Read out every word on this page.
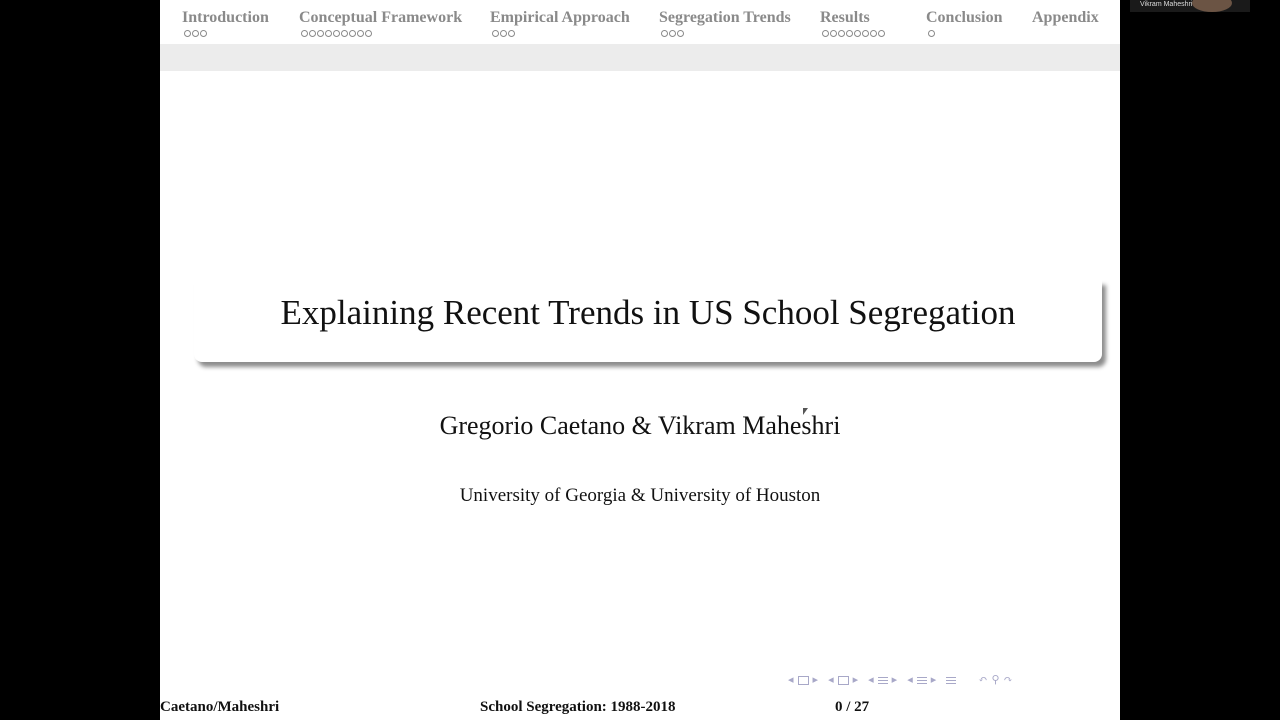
Introduction Conceptual Framework Empirical Approach Segregation Trends Results	Conclusion Appendix
Explaining Recent Trends in US School Segregation
Gregorio Caetano & Vikram Maheshri
University of Georgia & University of Houston
◂ ▸ ◂ ▸ ◂ ▸ ◂ ▸	↶ ⚲ ↷
Caetano/Maheshri	School Segregation: 1988-2018	0 / 27
Vikram Maheshri
